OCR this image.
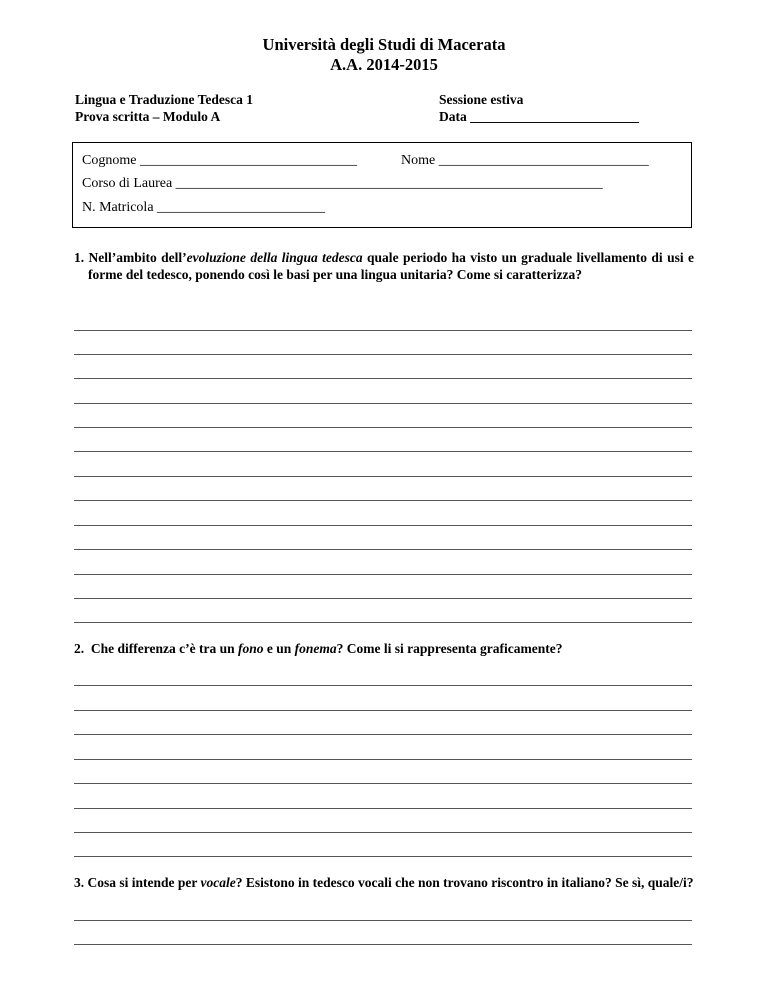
Università degli Studi di Macerata
A.A. 2014-2015
Lingua e Traduzione Tedesca 1
Prova scritta – Modulo A
Sessione estiva
Data _________________________
Cognome _______________________________	Nome ______________________________
Corso di Laurea _____________________________________________________________
N. Matricola ________________________
1. Nell’ambito dell’evoluzione della lingua tedesca quale periodo ha visto un graduale livellamento di usi e forme del tedesco, ponendo così le basi per una lingua unitaria? Come si caratterizza?
2. Che differenza c’è tra un fono e un fonema? Come li si rappresenta graficamente?
3. Cosa si intende per vocale? Esistono in tedesco vocali che non trovano riscontro in italiano? Se sì, quale/i?
